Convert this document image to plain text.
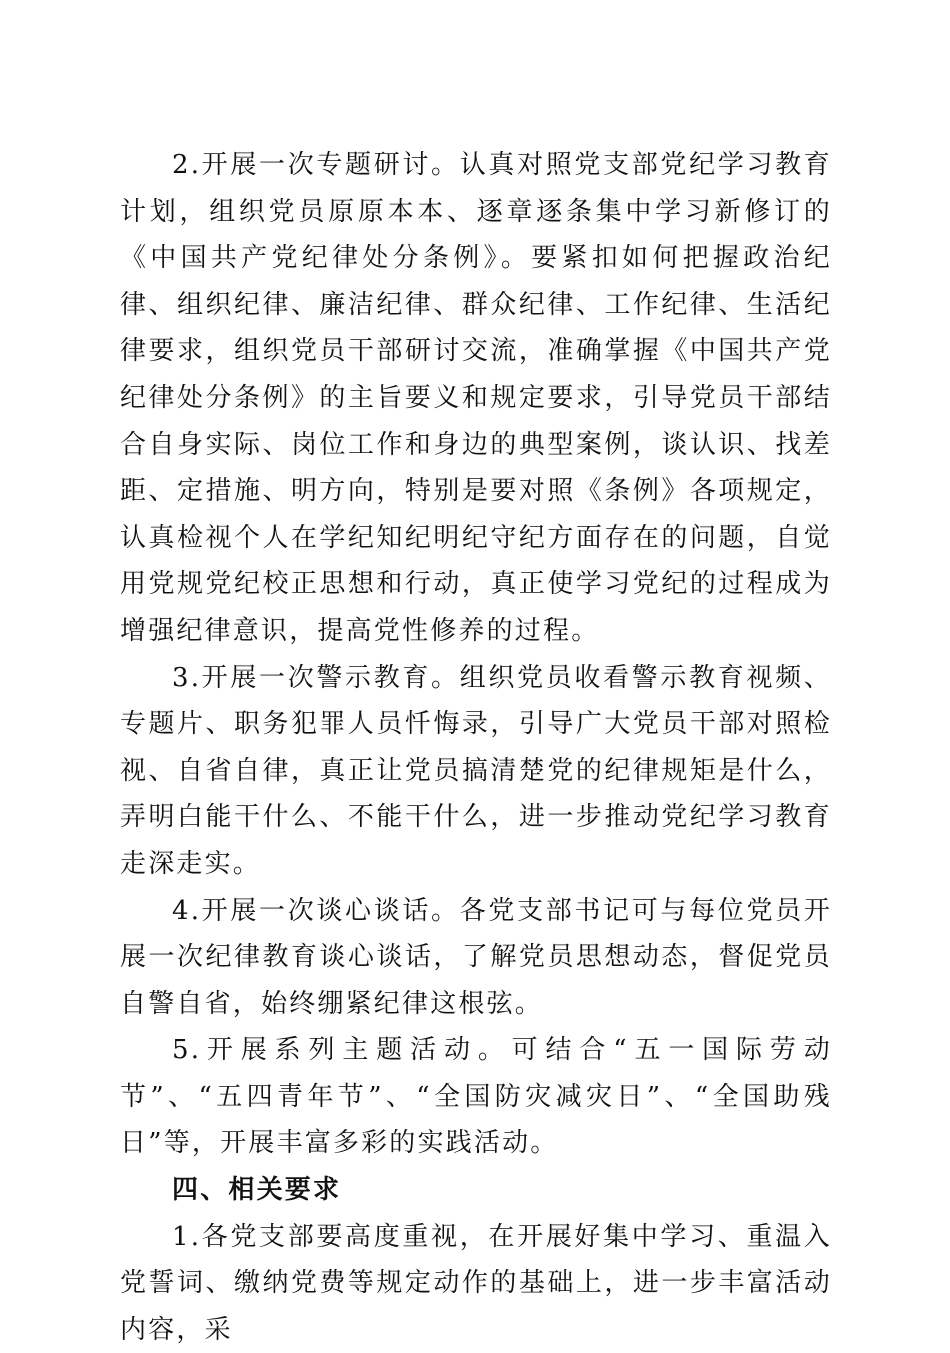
2.开展一次专题研讨。认真对照党支部党纪学习教育计划，组织党员原原本本、逐章逐条集中学习新修订的《中国共产党纪律处分条例》。要紧扣如何把握政治纪律、组织纪律、廉洁纪律、群众纪律、工作纪律、生活纪律要求，组织党员干部研讨交流，准确掌握《中国共产党纪律处分条例》的主旨要义和规定要求，引导党员干部结合自身实际、岗位工作和身边的典型案例，谈认识、找差距、定措施、明方向，特别是要对照《条例》各项规定，认真检视个人在学纪知纪明纪守纪方面存在的问题，自觉用党规党纪校正思想和行动，真正使学习党纪的过程成为增强纪律意识，提高党性修养的过程。

3.开展一次警示教育。组织党员收看警示教育视频、专题片、职务犯罪人员忏悔录，引导广大党员干部对照检视、自省自律，真正让党员搞清楚党的纪律规矩是什么，弄明白能干什么、不能干什么，进一步推动党纪学习教育走深走实。

4.开展一次谈心谈话。各党支部书记可与每位党员开展一次纪律教育谈心谈话，了解党员思想动态，督促党员自警自省，始终绷紧纪律这根弦。

5.开展系列主题活动。可结合“五一国际劳动节”、“五四青年节”、“全国防灾减灾日”、“全国助残日”等，开展丰富多彩的实践活动。

四、相关要求

1.各党支部要高度重视，在开展好集中学习、重温入党誓词、缴纳党费等规定动作的基础上，进一步丰富活动内容，采
